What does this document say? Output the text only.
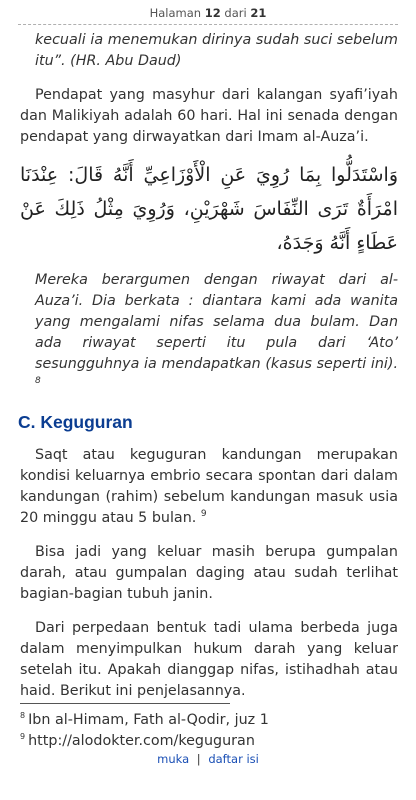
Halaman 12 dari 21

kecuali ia menemukan dirinya sudah suci sebelum itu”. (HR. Abu Daud)

Pendapat yang masyhur dari kalangan syafi’iyah dan Malikiyah adalah 60 hari. Hal ini senada dengan pendapat yang dirwayatkan dari Imam al-Auza’i.

وَاسْتَدَلُّوا بِمَا رُوِيَ عَنِ الْأَوْزَاعِيِّ أَنَّهُ قَالَ: عِنْدَنَا امْرَأَةٌ تَرَى النِّفَاسَ شَهْرَيْنِ، وَرُوِيَ مِثْلُ ذَلِكَ عَنْ عَطَاءٍ أَنَّهُ وَجَدَهُ،

Mereka berargumen dengan riwayat dari al-Auza’i. Dia berkata : diantara kami ada wanita yang mengalami nifas selama dua bulam. Dan ada riwayat seperti itu pula dari ‘Ato’ sesungguhnya ia mendapatkan (kasus seperti ini). $^8$

C. Keguguran

Saqt atau keguguran kandungan merupakan kondisi keluarnya embrio secara spontan dari dalam kandungan (rahim) sebelum kandungan masuk usia 20 minggu atau 5 bulan. $^9$

Bisa jadi yang keluar masih berupa gumpalan darah, atau gumpalan daging atau sudah terlihat bagian-bagian tubuh janin.

Dari perpedaan bentuk tadi ulama berbeda juga dalam menyimpulkan hukum darah yang keluar setelah itu. Apakah dianggap nifas, istihadhah atau haid. Berikut ini penjelasannya.

$^8$ Ibn al-Himam, Fath al-Qodir, juz 1

$^9$ http://alodokter.com/keguguran

muka | daftar isi
